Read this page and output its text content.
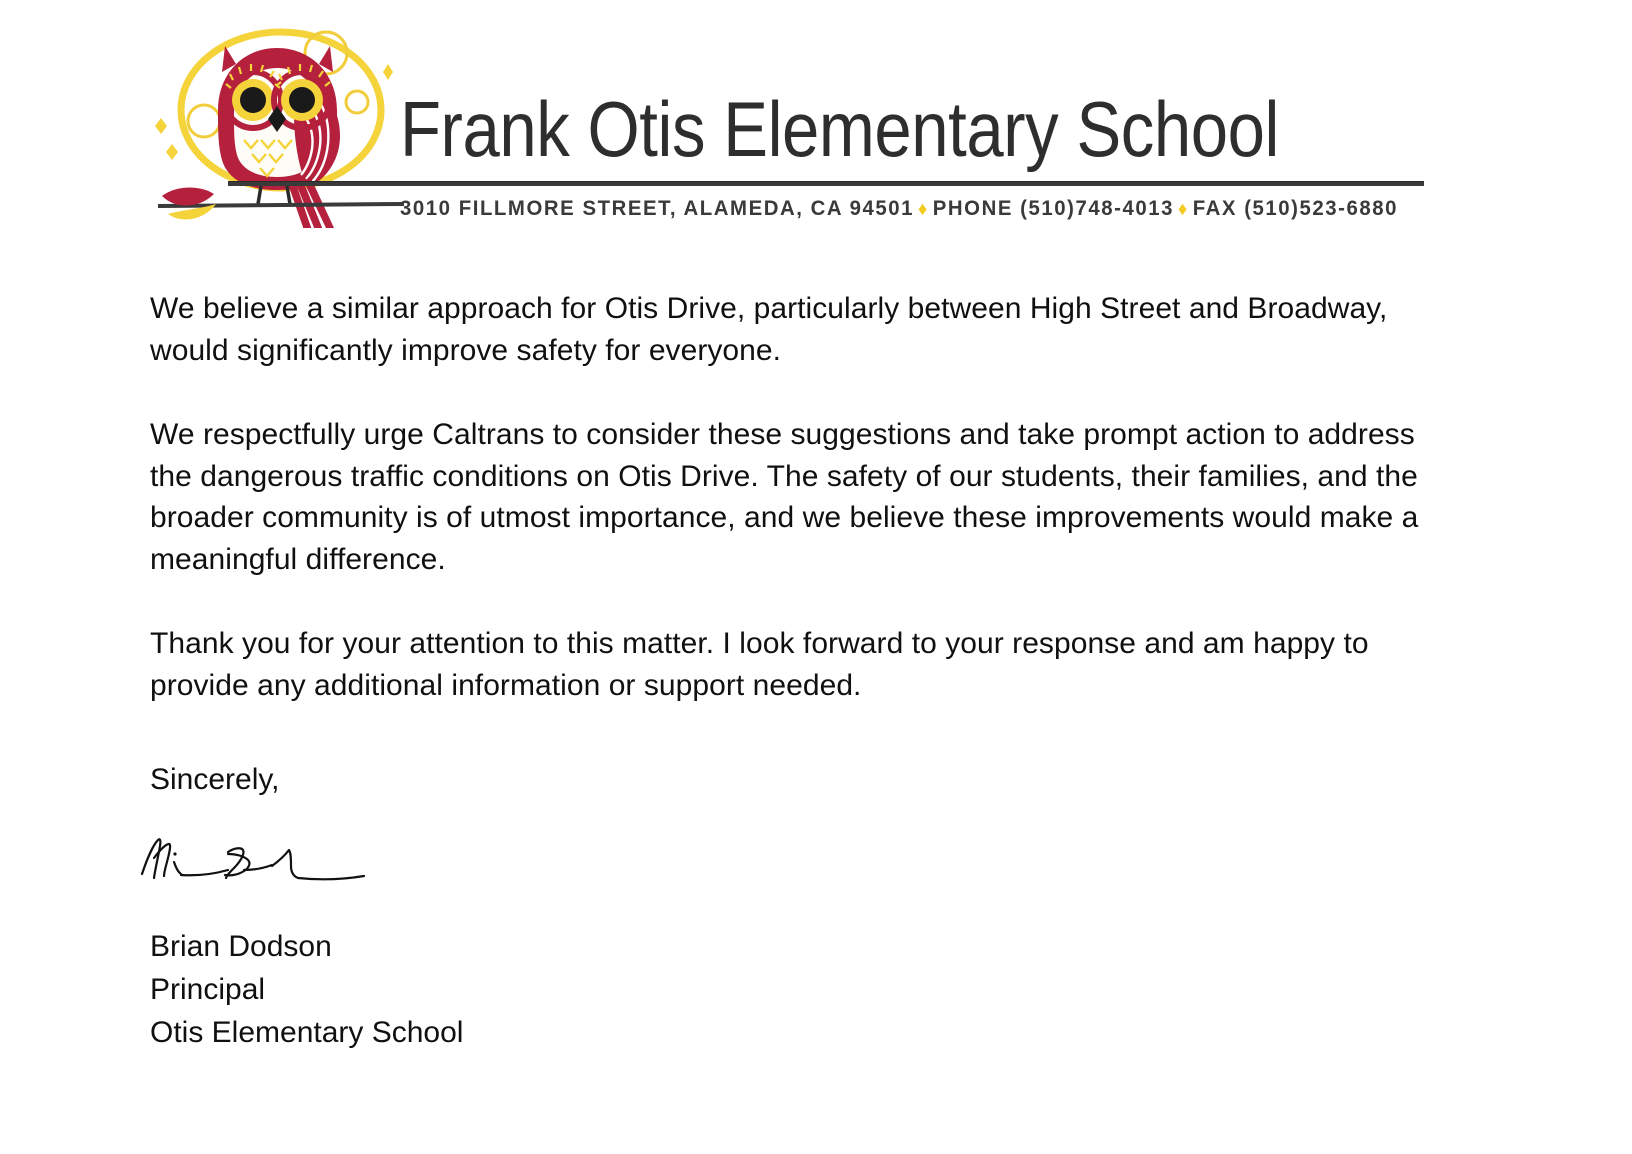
Frank Otis Elementary School
3010 FILLMORE STREET, ALAMEDA, CA 94501 ♦ PHONE (510)748-4013 ♦ FAX (510)523-6880

We believe a similar approach for Otis Drive, particularly between High Street and Broadway, would significantly improve safety for everyone.

We respectfully urge Caltrans to consider these suggestions and take prompt action to address the dangerous traffic conditions on Otis Drive. The safety of our students, their families, and the broader community is of utmost importance, and we believe these improvements would make a meaningful difference.

Thank you for your attention to this matter. I look forward to your response and am happy to provide any additional information or support needed.

Sincerely,
Brian Dodson
Principal
Otis Elementary School
